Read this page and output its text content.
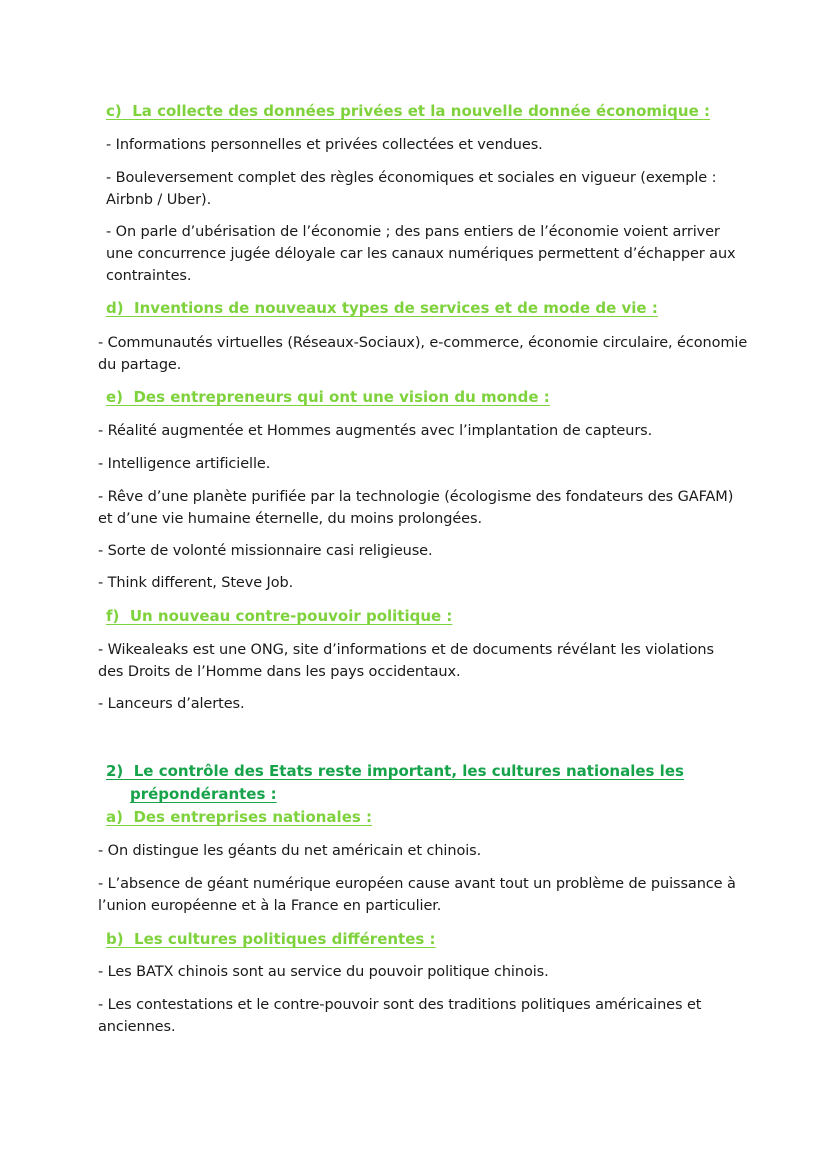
c) La collecte des données privées et la nouvelle donnée économique :
- Informations personnelles et privées collectées et vendues.
- Bouleversement complet des règles économiques et sociales en vigueur (exemple :
Airbnb / Uber).
- On parle d’ubérisation de l’économie ; des pans entiers de l’économie voient arriver
une concurrence jugée déloyale car les canaux numériques permettent d’échapper aux
contraintes.
d) Inventions de nouveaux types de services et de mode de vie :
- Communautés virtuelles (Réseaux-Sociaux), e-commerce, économie circulaire, économie
du partage.
e) Des entrepreneurs qui ont une vision du monde :
- Réalité augmentée et Hommes augmentés avec l’implantation de capteurs.
- Intelligence artificielle.
- Rêve d’une planète purifiée par la technologie (écologisme des fondateurs des GAFAM)
et d’une vie humaine éternelle, du moins prolongées.
- Sorte de volonté missionnaire casi religieuse.
- Think different, Steve Job.
f) Un nouveau contre-pouvoir politique :
- Wikealeaks est une ONG, site d’informations et de documents révélant les violations
des Droits de l’Homme dans les pays occidentaux.
- Lanceurs d’alertes.
2) Le contrôle des Etats reste important, les cultures nationales les
prépondérantes :
a) Des entreprises nationales :
- On distingue les géants du net américain et chinois.
- L’absence de géant numérique européen cause avant tout un problème de puissance à
l’union européenne et à la France en particulier.
b) Les cultures politiques différentes :
- Les BATX chinois sont au service du pouvoir politique chinois.
- Les contestations et le contre-pouvoir sont des traditions politiques américaines et
anciennes.
